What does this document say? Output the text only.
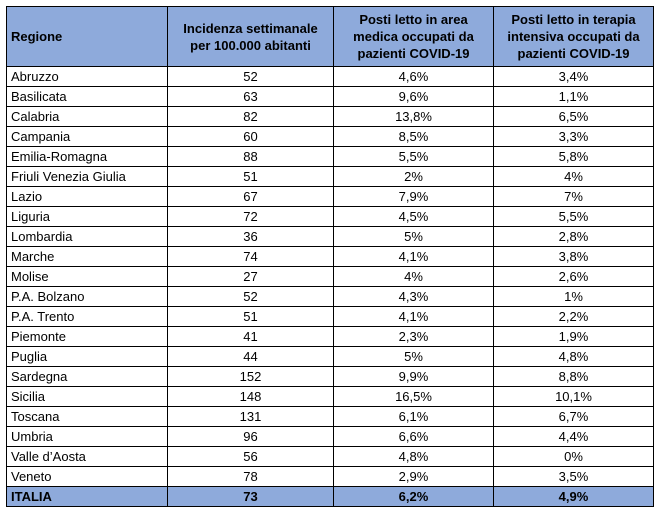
Regione	Incidenza settimanale per 100.000 abitanti	Posti letto in area medica occupati da pazienti COVID-19	Posti letto in terapia intensiva occupati da pazienti COVID-19
Abruzzo	52	4,6%	3,4%
Basilicata	63	9,6%	1,1%
Calabria	82	13,8%	6,5%
Campania	60	8,5%	3,3%
Emilia-Romagna	88	5,5%	5,8%
Friuli Venezia Giulia	51	2%	4%
Lazio	67	7,9%	7%
Liguria	72	4,5%	5,5%
Lombardia	36	5%	2,8%
Marche	74	4,1%	3,8%
Molise	27	4%	2,6%
P.A. Bolzano	52	4,3%	1%
P.A. Trento	51	4,1%	2,2%
Piemonte	41	2,3%	1,9%
Puglia	44	5%	4,8%
Sardegna	152	9,9%	8,8%
Sicilia	148	16,5%	10,1%
Toscana	131	6,1%	6,7%
Umbria	96	6,6%	4,4%
Valle d’Aosta	56	4,8%	0%
Veneto	78	2,9%	3,5%
ITALIA	73	6,2%	4,9%
